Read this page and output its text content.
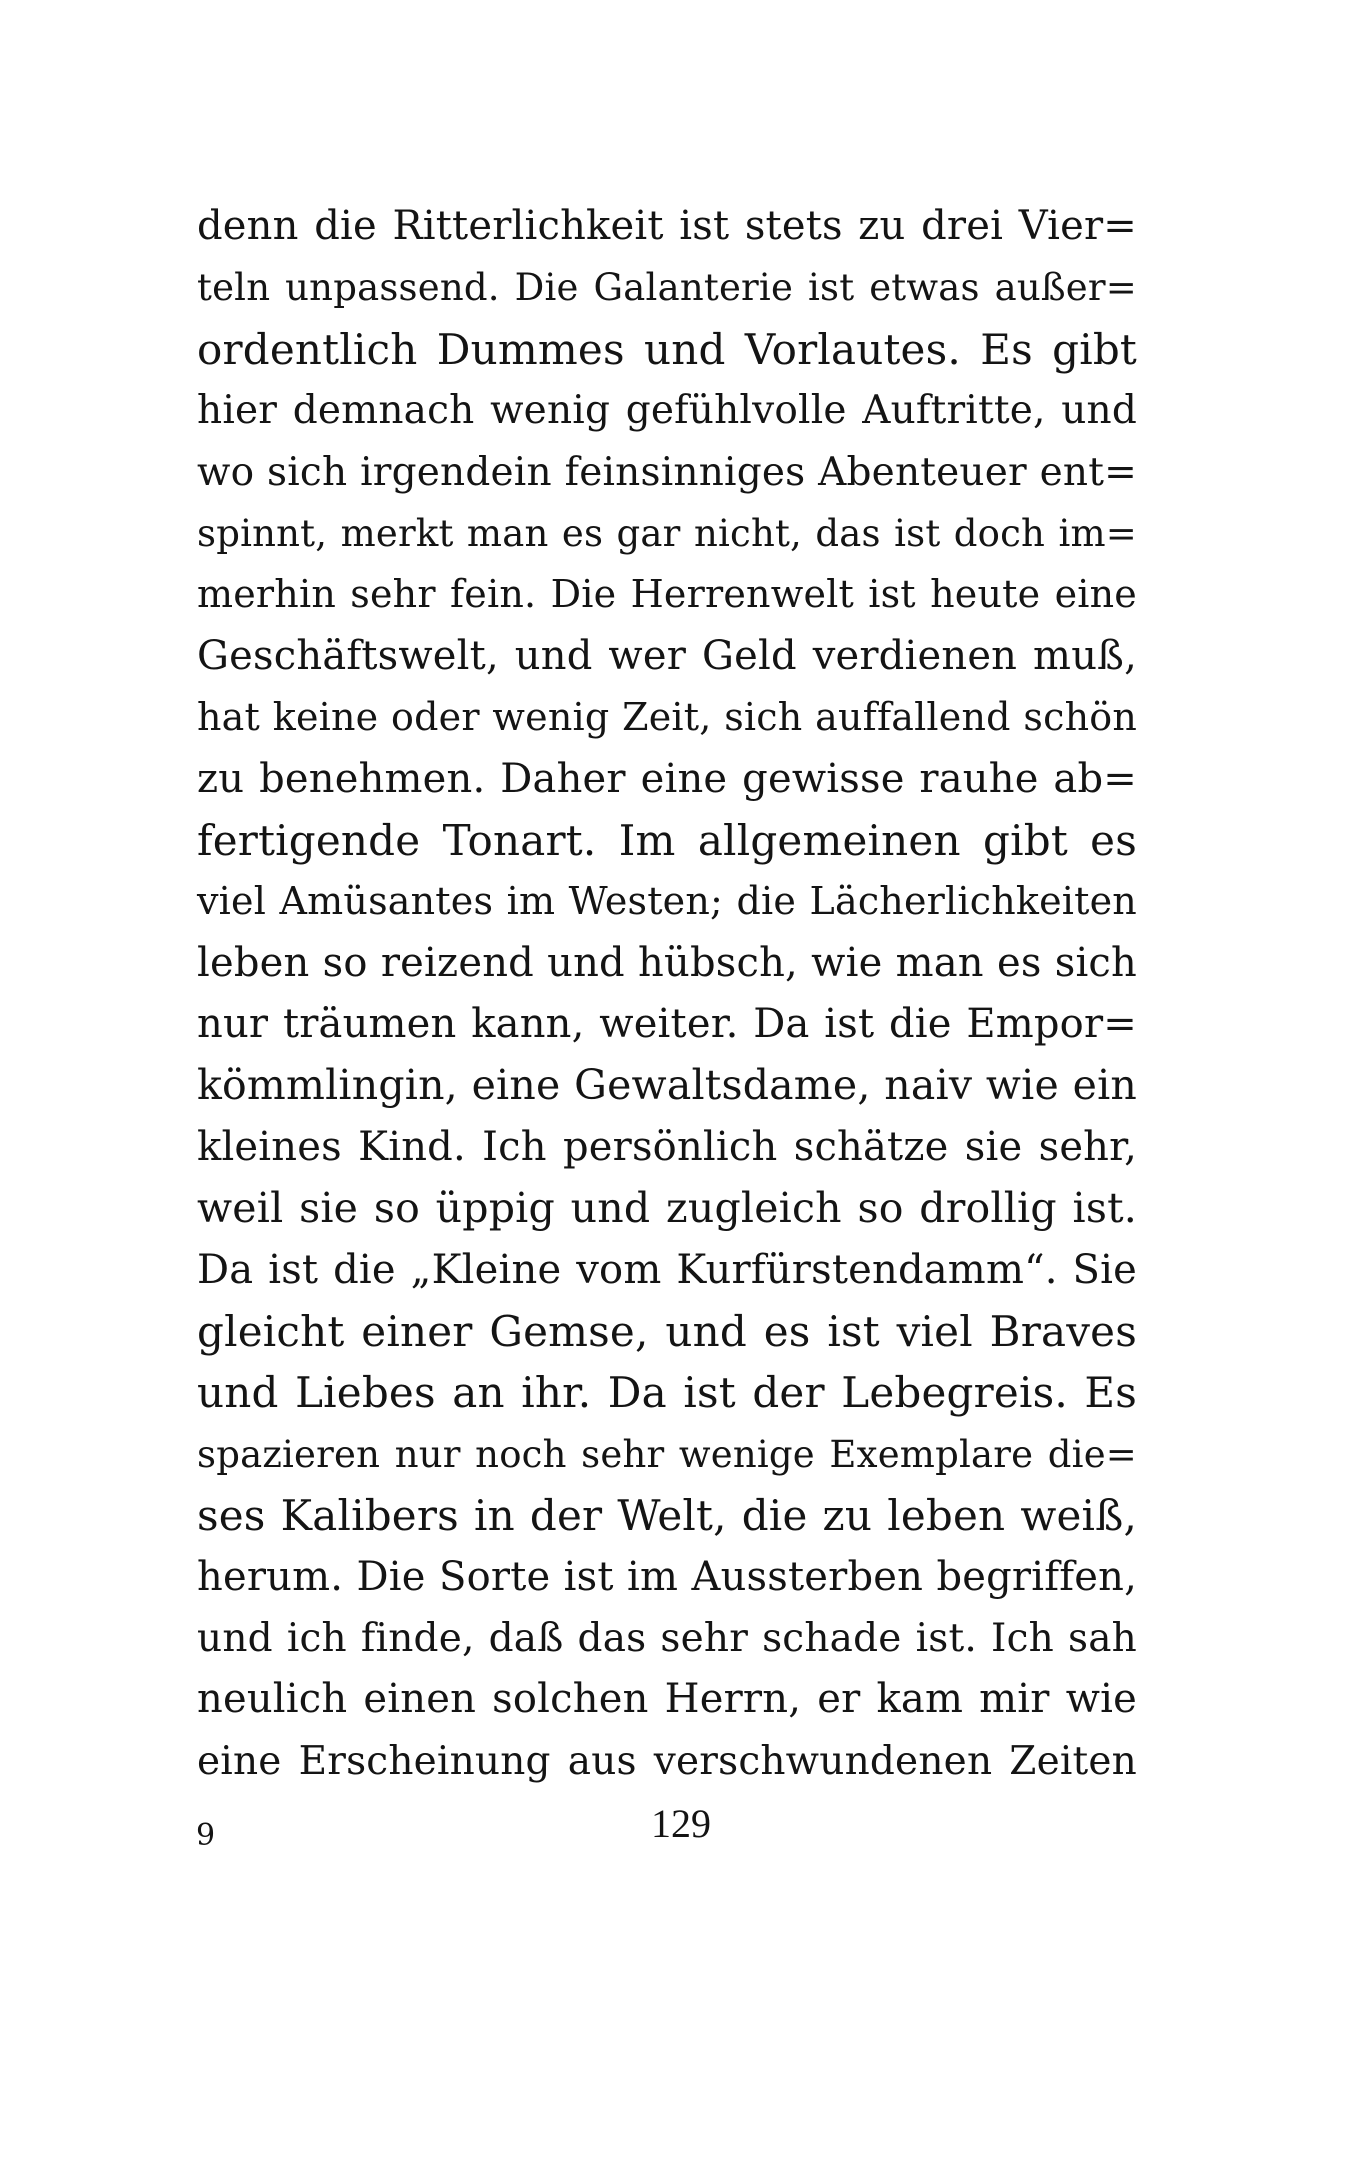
denn die Ritterlichkeit ist stets zu drei Vier=
teln unpassend. Die Galanterie ist etwas außer=
ordentlich Dummes und Vorlautes. Es gibt
hier demnach wenig gefühlvolle Auftritte, und
wo sich irgendein feinsinniges Abenteuer ent=
spinnt, merkt man es gar nicht, das ist doch im=
merhin sehr fein. Die Herrenwelt ist heute eine
Geschäftswelt, und wer Geld verdienen muß,
hat keine oder wenig Zeit, sich auffallend schön
zu benehmen. Daher eine gewisse rauhe ab=
fertigende Tonart. Im allgemeinen gibt es
viel Amüsantes im Westen; die Lächerlichkeiten
leben so reizend und hübsch, wie man es sich
nur träumen kann, weiter. Da ist die Empor=
kömmlingin, eine Gewaltsdame, naiv wie ein
kleines Kind. Ich persönlich schätze sie sehr,
weil sie so üppig und zugleich so drollig ist.
Da ist die „Kleine vom Kurfürstendamm“. Sie
gleicht einer Gemse, und es ist viel Braves
und Liebes an ihr. Da ist der Lebegreis. Es
spazieren nur noch sehr wenige Exemplare die=
ses Kalibers in der Welt, die zu leben weiß,
herum. Die Sorte ist im Aussterben begriffen,
und ich finde, daß das sehr schade ist. Ich sah
neulich einen solchen Herrn, er kam mir wie
eine Erscheinung aus verschwundenen Zeiten
9	129
